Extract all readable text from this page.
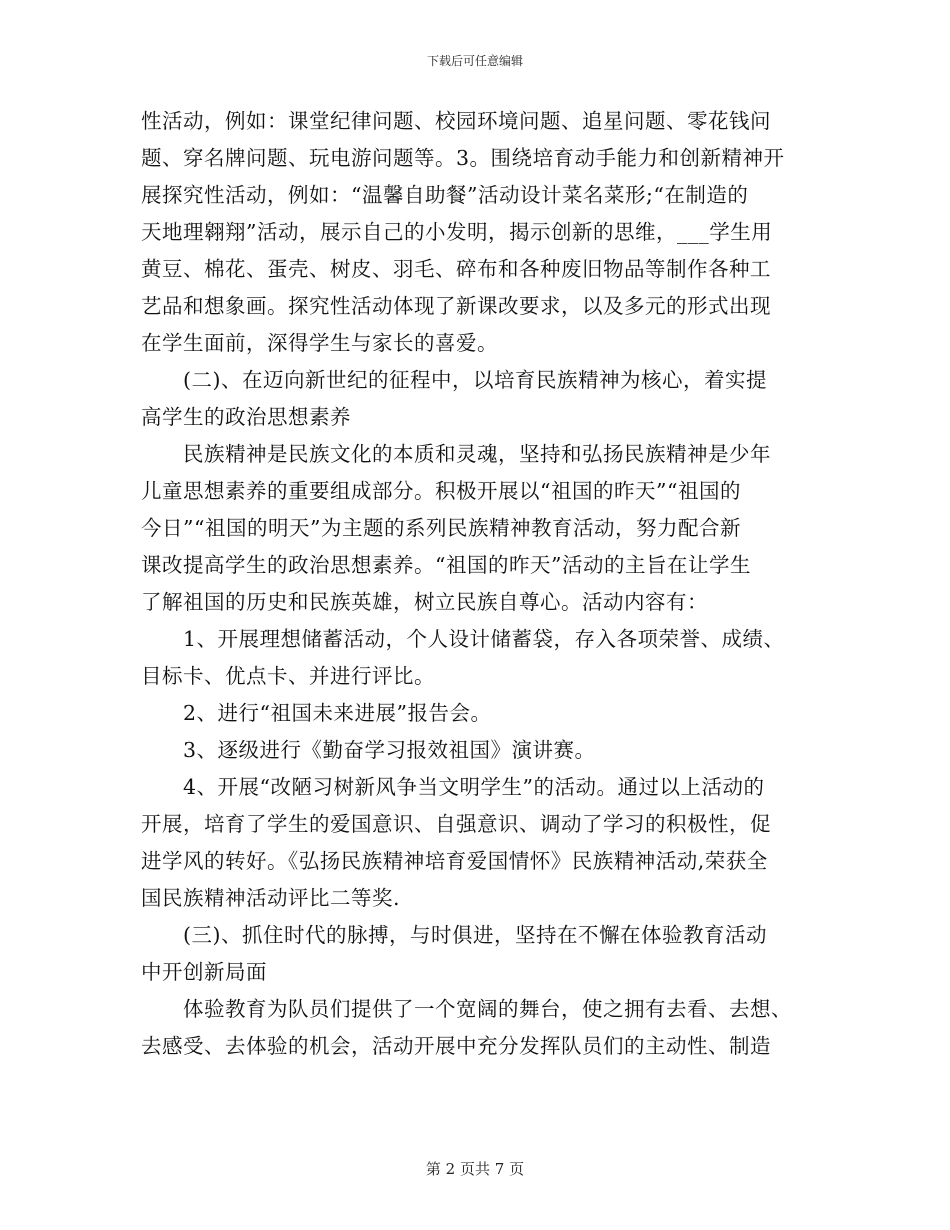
下载后可任意编辑
性活动，例如：课堂纪律问题、校园环境问题、追星问题、零花钱问
题、穿名牌问题、玩电游问题等。3。围绕培育动手能力和创新精神开
展探究性活动，例如：“温馨自助餐”活动设计菜名菜形;“在制造的
天地理翱翔”活动，展示自己的小发明，揭示创新的思维，___学生用
黄豆、棉花、蛋壳、树皮、羽毛、碎布和各种废旧物品等制作各种工
艺品和想象画。探究性活动体现了新课改要求，以及多元的形式出现
在学生面前，深得学生与家长的喜爱。
(二)、在迈向新世纪的征程中，以培育民族精神为核心，着实提
高学生的政治思想素养
民族精神是民族文化的本质和灵魂，坚持和弘扬民族精神是少年
儿童思想素养的重要组成部分。积极开展以“祖国的昨天”“祖国的
今日”“祖国的明天”为主题的系列民族精神教育活动，努力配合新
课改提高学生的政治思想素养。“祖国的昨天”活动的主旨在让学生
了解祖国的历史和民族英雄，树立民族自尊心。活动内容有：
1、开展理想储蓄活动，个人设计储蓄袋，存入各项荣誉、成绩、
目标卡、优点卡、并进行评比。
2、进行“祖国未来进展”报告会。
3、逐级进行《勤奋学习报效祖国》演讲赛。
4、开展“改陋习树新风争当文明学生”的活动。通过以上活动的
开展，培育了学生的爱国意识、自强意识、调动了学习的积极性，促
进学风的转好。《弘扬民族精神培育爱国情怀》民族精神活动,荣获全
国民族精神活动评比二等奖.
(三)、抓住时代的脉搏，与时俱进，坚持在不懈在体验教育活动
中开创新局面
体验教育为队员们提供了一个宽阔的舞台，使之拥有去看、去想、
去感受、去体验的机会，活动开展中充分发挥队员们的主动性、制造
第 2 页共 7 页
